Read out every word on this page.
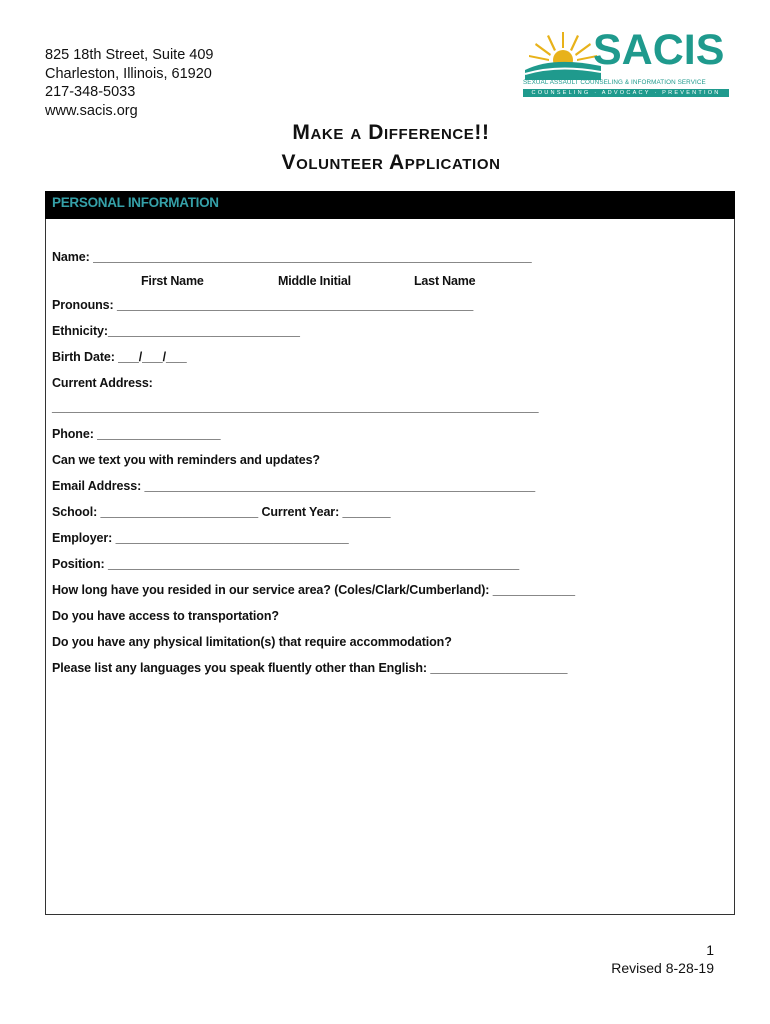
825 18th Street, Suite 409
Charleston, Illinois, 61920
217-348-5033
www.sacis.org
SACIS
SEXUAL ASSAULT COUNSELING & INFORMATION SERVICE
COUNSELING · ADVOCACY · PREVENTION
Make a Difference!!
Volunteer Application
PERSONAL INFORMATION
Name: ________________________________________________________________
First Name	Middle Initial	Last Name
Pronouns: ____________________________________________________
Ethnicity:____________________________
Birth Date: ___/___/___
Current Address:
_______________________________________________________________________
Phone: __________________
Can we text you with reminders and updates?
Email Address: _________________________________________________________
School: _______________________ Current Year: _______
Employer: __________________________________
Position: ____________________________________________________________
How long have you resided in our service area? (Coles/Clark/Cumberland): ____________
Do you have access to transportation?
Do you have any physical limitation(s) that require accommodation?
Please list any languages you speak fluently other than English: ____________________
1
Revised 8-28-19
